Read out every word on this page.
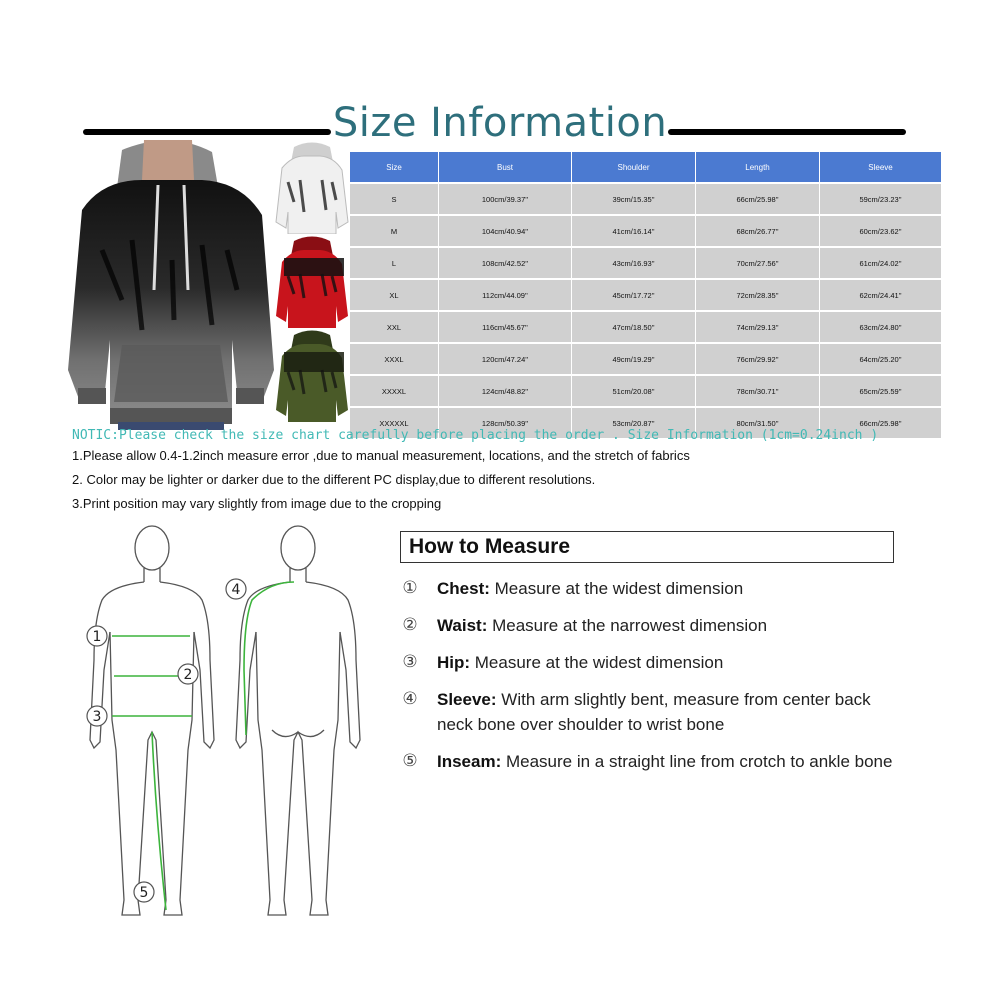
Size Information
Size	Bust	Shoulder	Length	Sleeve
S	100cm/39.37''	39cm/15.35''	66cm/25.98''	59cm/23.23''
M	104cm/40.94''	41cm/16.14''	68cm/26.77''	60cm/23.62''
L	108cm/42.52''	43cm/16.93''	70cm/27.56''	61cm/24.02''
XL	112cm/44.09''	45cm/17.72''	72cm/28.35''	62cm/24.41''
XXL	116cm/45.67''	47cm/18.50''	74cm/29.13''	63cm/24.80''
XXXL	120cm/47.24''	49cm/19.29''	76cm/29.92''	64cm/25.20''
XXXXL	124cm/48.82''	51cm/20.08''	78cm/30.71''	65cm/25.59''
XXXXXL	128cm/50.39''	53cm/20.87''	80cm/31.50''	66cm/25.98''
NOTIC:Please check the size chart carefully before placing the order . Size Information (1cm=0.24inch )
1.Please allow 0.4-1.2inch measure error ,due to manual measurement, locations, and the stretch of fabrics
2. Color may be lighter or darker due to the different PC display,due to different resolutions.
3.Print position may vary slightly from image due to the cropping
1
2
3
5
4
How to Measure
① Chest: Measure at the widest dimension
② Waist: Measure at the narrowest dimension
③ Hip: Measure at the widest dimension
④ Sleeve: With arm slightly bent, measure from center back neck bone over shoulder to wrist bone
⑤ Inseam: Measure in a straight line from crotch to ankle bone
